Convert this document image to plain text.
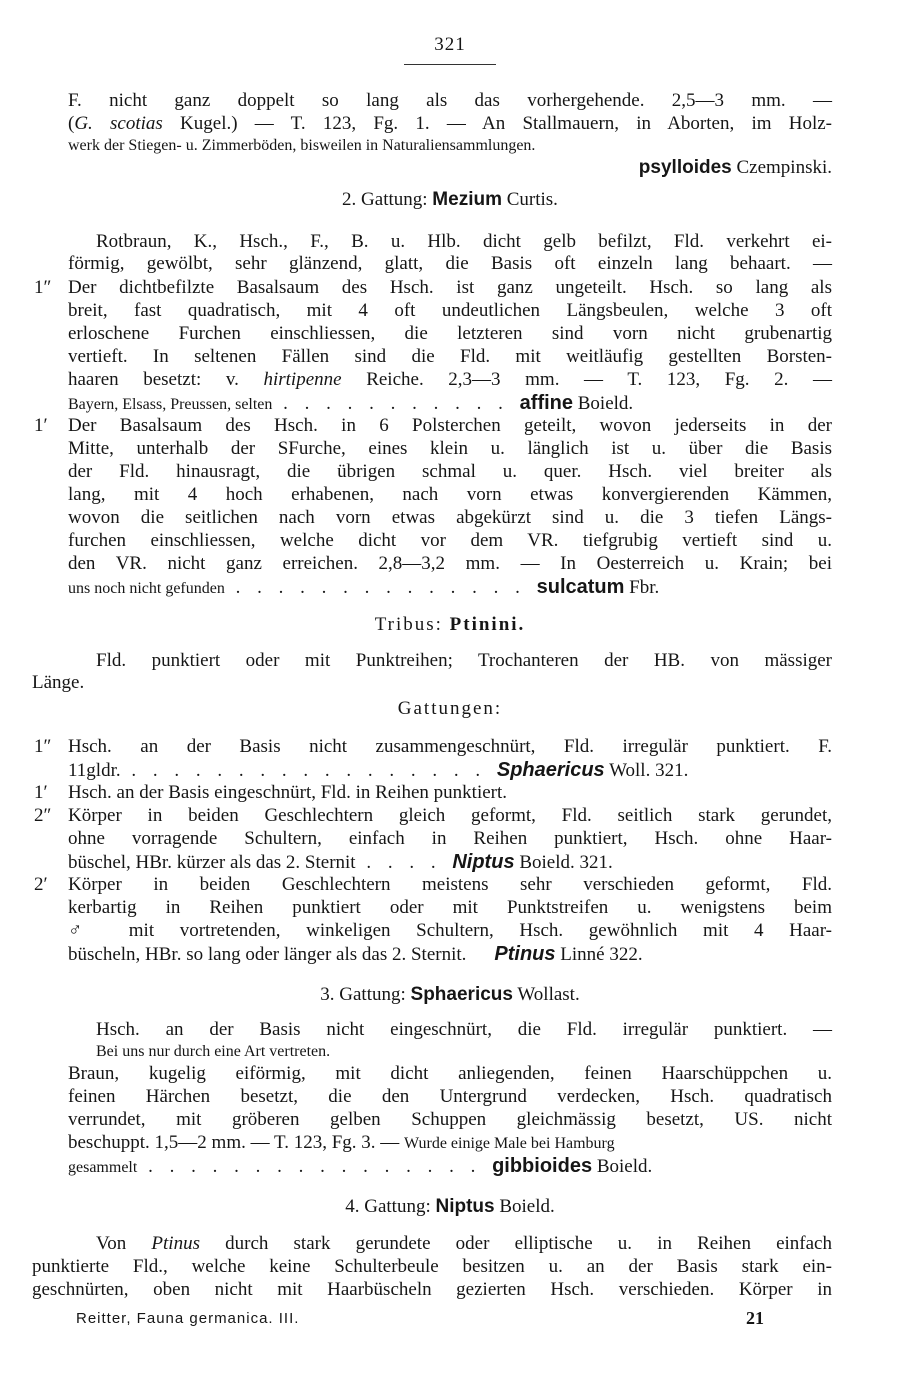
321
F. nicht ganz doppelt so lang als das vorhergehende. 2,5—3 mm. —
(G. scotias Kugel.) — T. 123, Fg. 1. — An Stallmauern, in Aborten, im Holz-
werk der Stiegen- u. Zimmerböden, bisweilen in Naturaliensammlungen.
psylloides Czempinski.
2. Gattung: Mezium Curtis.
Rotbraun, K., Hsch., F., B. u. Hlb. dicht gelb befilzt, Fld. verkehrt ei-
förmig, gewölbt, sehr glänzend, glatt, die Basis oft einzeln lang behaart. —
1″ Der dichtbefilzte Basalsaum des Hsch. ist ganz ungeteilt. Hsch. so lang als
breit, fast quadratisch, mit 4 oft undeutlichen Längsbeulen, welche 3 oft
erloschene Furchen einschliessen, die letzteren sind vorn nicht grubenartig
vertieft. In seltenen Fällen sind die Fld. mit weitläufig gestellten Borsten-
haaren besetzt: v. hirtipenne Reiche. 2,3—3 mm. — T. 123, Fg. 2. —
Bayern, Elsass, Preussen, selten . . . . . . . . . . . affine Boield.
1′	Der Basalsaum des Hsch. in 6 Polsterchen geteilt, wovon jederseits in der
Mitte, unterhalb der SFurche, eines klein u. länglich ist u. über die Basis
der Fld. hinausragt, die übrigen schmal u. quer. Hsch. viel breiter als
lang, mit 4 hoch erhabenen, nach vorn etwas konvergierenden Kämmen,
wovon die seitlichen nach vorn etwas abgekürzt sind u. die 3 tiefen Längs-
furchen einschliessen, welche dicht vor dem VR. tiefgrubig vertieft sind u.
den VR. nicht ganz erreichen. 2,8—3,2 mm. — In Oesterreich u. Krain; bei
uns noch nicht gefunden . . . . . . . . . . . . . . sulcatum Fbr.
Tribus: Ptinini.
Fld. punktiert oder mit Punktreihen; Trochanteren der HB. von mässiger
Länge.
Gattungen:
1″ Hsch. an der Basis nicht zusammengeschnürt, Fld. irregulär punktiert. F.
11gldr. . . . . . . . . . . . . . . . . . Sphaericus Woll. 321.
1′	Hsch. an der Basis eingeschnürt, Fld. in Reihen punktiert.
2″ Körper in beiden Geschlechtern gleich geformt, Fld. seitlich stark gerundet,
ohne vorragende Schultern, einfach in Reihen punktiert, Hsch. ohne Haar-
büschel, HBr. kürzer als das 2. Sternit . . . . Niptus Boield. 321.
2′	Körper in beiden Geschlechtern meistens sehr verschieden geformt, Fld.
kerbartig in Reihen punktiert oder mit Punktstreifen u. wenigstens beim
♂ mit vortretenden, winkeligen Schultern, Hsch. gewöhnlich mit 4 Haar-
büscheln, HBr. so lang oder länger als das 2. Sternit. Ptinus Linné 322.
3. Gattung: Sphaericus Wollast.
Hsch. an der Basis nicht eingeschnürt, die Fld. irregulär punktiert. —
Bei uns nur durch eine Art vertreten.
Braun, kugelig eiförmig, mit dicht anliegenden, feinen Haarschüppchen u.
feinen Härchen besetzt, die den Untergrund verdecken, Hsch. quadratisch
verrundet, mit gröberen gelben Schuppen gleichmässig besetzt, US. nicht
beschuppt. 1,5—2 mm. — T. 123, Fg. 3. — Wurde einige Male bei Hamburg
gesammelt . . . . . . . . . . . . . . . . gibbioides Boield.
4. Gattung: Niptus Boield.
Von Ptinus durch stark gerundete oder elliptische u. in Reihen einfach
punktierte Fld., welche keine Schulterbeule besitzen u. an der Basis stark ein-
geschnürten, oben nicht mit Haarbüscheln gezierten Hsch. verschieden. Körper in
Reitter, Fauna germanica. III.	21
